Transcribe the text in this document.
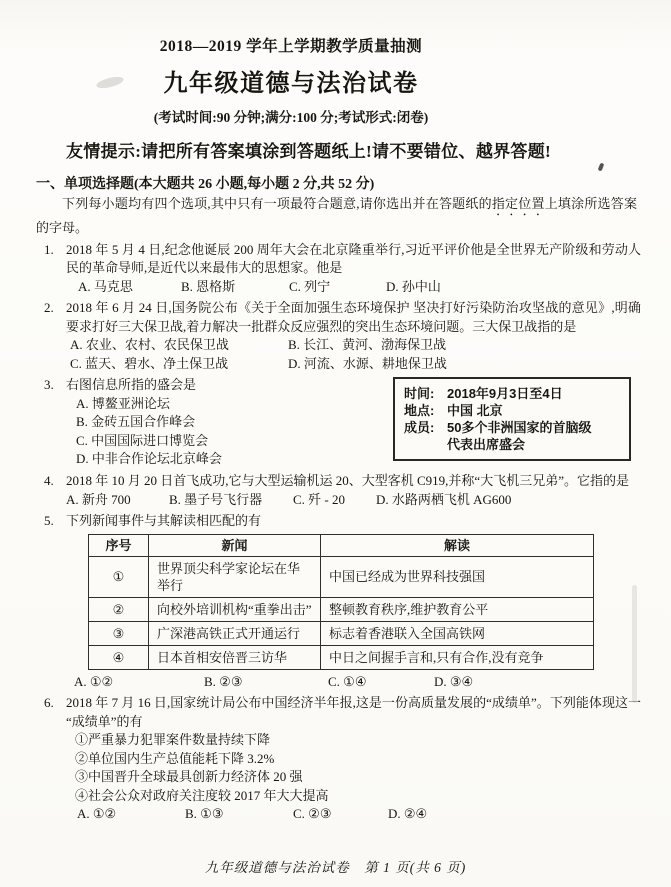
2018—2019 学年上学期教学质量抽测
九年级道德与法治试卷
(考试时间:90 分钟;满分:100 分;考试形式:闭卷)
友情提示:请把所有答案填涂到答题纸上!请不要错位、越界答题!
一、单项选择题(本大题共 26 小题,每小题 2 分,共 52 分)

下列每小题均有四个选项,其中只有一项最符合题意,请你选出并在答题纸的指定位置上填涂所选答案的字母。

1. 2018 年 5 月 4 日,纪念他诞辰 200 周年大会在北京隆重举行,习近平评价他是全世界无产阶级和劳动人民的革命导师,是近代以来最伟大的思想家。他是

A. 马克思	B. 恩格斯	C. 列宁	D. 孙中山
2. 2018 年 6 月 24 日,国务院公布《关于全面加强生态环境保护 坚决打好污染防治攻坚战的意见》,明确要求打好三大保卫战,着力解决一批群众反应强烈的突出生态环境问题。三大保卫战指的是

A. 农业、农村、农民保卫战	B. 长江、黄河、渤海保卫战
C. 蓝天、碧水、净土保卫战	D. 河流、水源、耕地保卫战
3. 右图信息所指的盛会是

A. 博鳌亚洲论坛
B. 金砖五国合作峰会
C. 中国国际进口博览会
D. 中非合作论坛北京峰会
时间: 2018年9月3日至4日
地点: 中国 北京
成员: 50多个非洲国家的首脑级
代表出席盛会
4. 2018 年 10 月 20 日首飞成功,它与大型运输机运 20、大型客机 C919,并称“大飞机三兄弟”。它指的是

A. 新舟 700	B. 墨子号飞行器	C. 歼 - 20	D. 水路两栖飞机 AG600
5. 下列新闻事件与其解读相匹配的有

序号	新闻	解读
①	世界顶尖科学家论坛在华举行	中国已经成为世界科技强国
②	向校外培训机构“重拳出击”	整顿教育秩序,维护教育公平
③	广深港高铁正式开通运行	标志着香港联入全国高铁网
④	日本首相安倍晋三访华	中日之间握手言和,只有合作,没有竞争
A. ①②	B. ②③	C. ①④	D. ③④
6. 2018 年 7 月 16 日,国家统计局公布中国经济半年报,这是一份高质量发展的“成绩单”。下列能体现这一“成绩单”的有

①严重暴力犯罪案件数量持续下降
②单位国内生产总值能耗下降 3.2%
③中国晋升全球最具创新力经济体 20 强
④社会公众对政府关注度较 2017 年大大提高
A. ①②	B. ①③	C. ②③	D. ②④
九年级道德与法治试卷　第 1 页(共 6 页)
